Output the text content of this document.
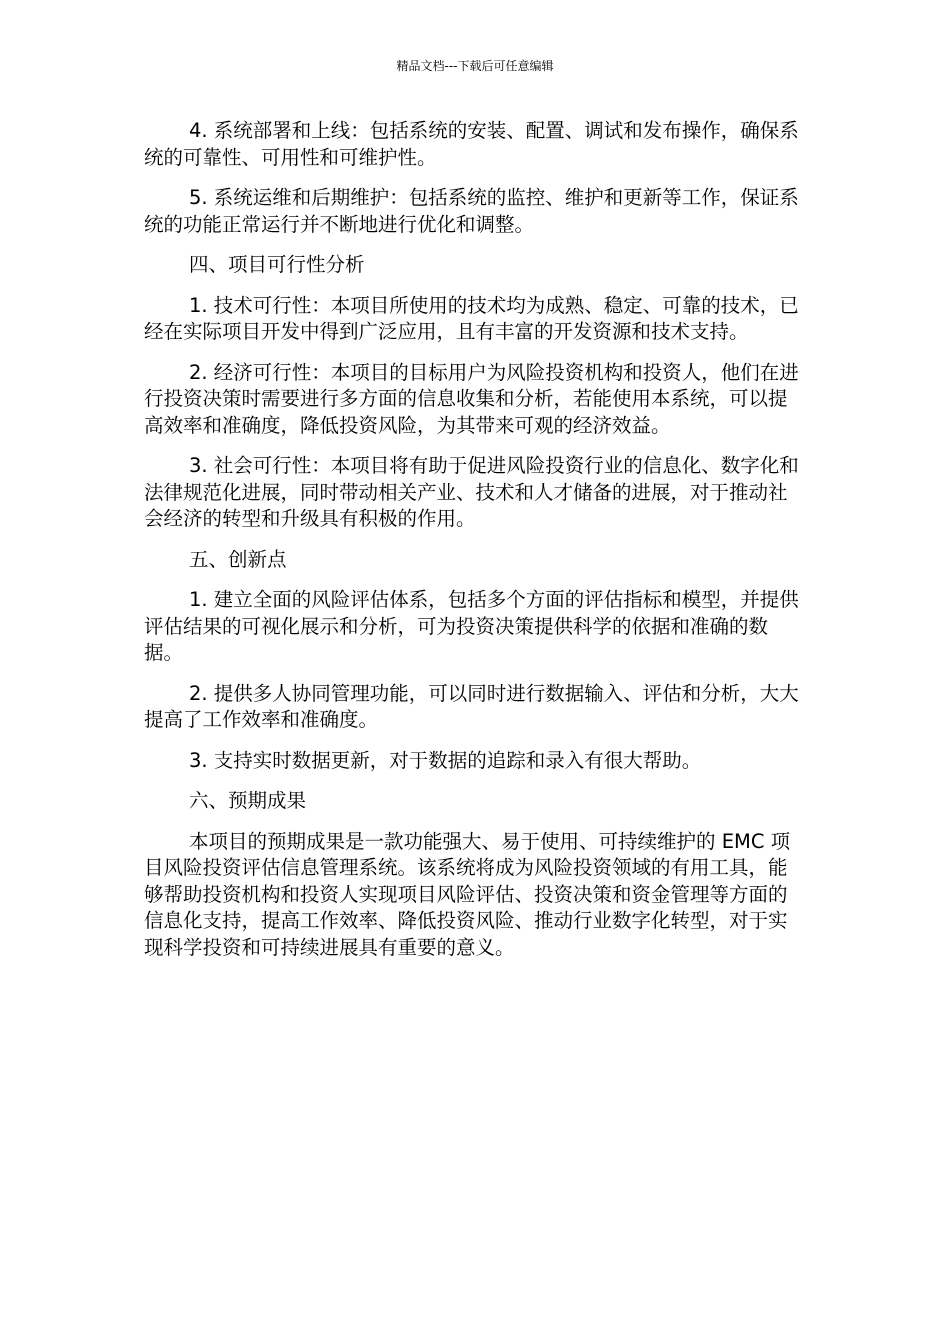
精品文档---下载后可任意编辑

4. 系统部署和上线：包括系统的安装、配置、调试和发布操作，确保系统的可靠性、可用性和可维护性。

5. 系统运维和后期维护：包括系统的监控、维护和更新等工作，保证系统的功能正常运行并不断地进行优化和调整。

四、项目可行性分析

1. 技术可行性：本项目所使用的技术均为成熟、稳定、可靠的技术，已经在实际项目开发中得到广泛应用，且有丰富的开发资源和技术支持。

2. 经济可行性：本项目的目标用户为风险投资机构和投资人，他们在进行投资决策时需要进行多方面的信息收集和分析，若能使用本系统，可以提高效率和准确度，降低投资风险，为其带来可观的经济效益。

3. 社会可行性：本项目将有助于促进风险投资行业的信息化、数字化和法律规范化进展，同时带动相关产业、技术和人才储备的进展，对于推动社会经济的转型和升级具有积极的作用。

五、创新点

1. 建立全面的风险评估体系，包括多个方面的评估指标和模型，并提供评估结果的可视化展示和分析，可为投资决策提供科学的依据和准确的数据。

2. 提供多人协同管理功能，可以同时进行数据输入、评估和分析，大大提高了工作效率和准确度。

3. 支持实时数据更新，对于数据的追踪和录入有很大帮助。

六、预期成果

本项目的预期成果是一款功能强大、易于使用、可持续维护的 EMC 项目风险投资评估信息管理系统。该系统将成为风险投资领域的有用工具，能够帮助投资机构和投资人实现项目风险评估、投资决策和资金管理等方面的信息化支持，提高工作效率、降低投资风险、推动行业数字化转型，对于实现科学投资和可持续进展具有重要的意义。
